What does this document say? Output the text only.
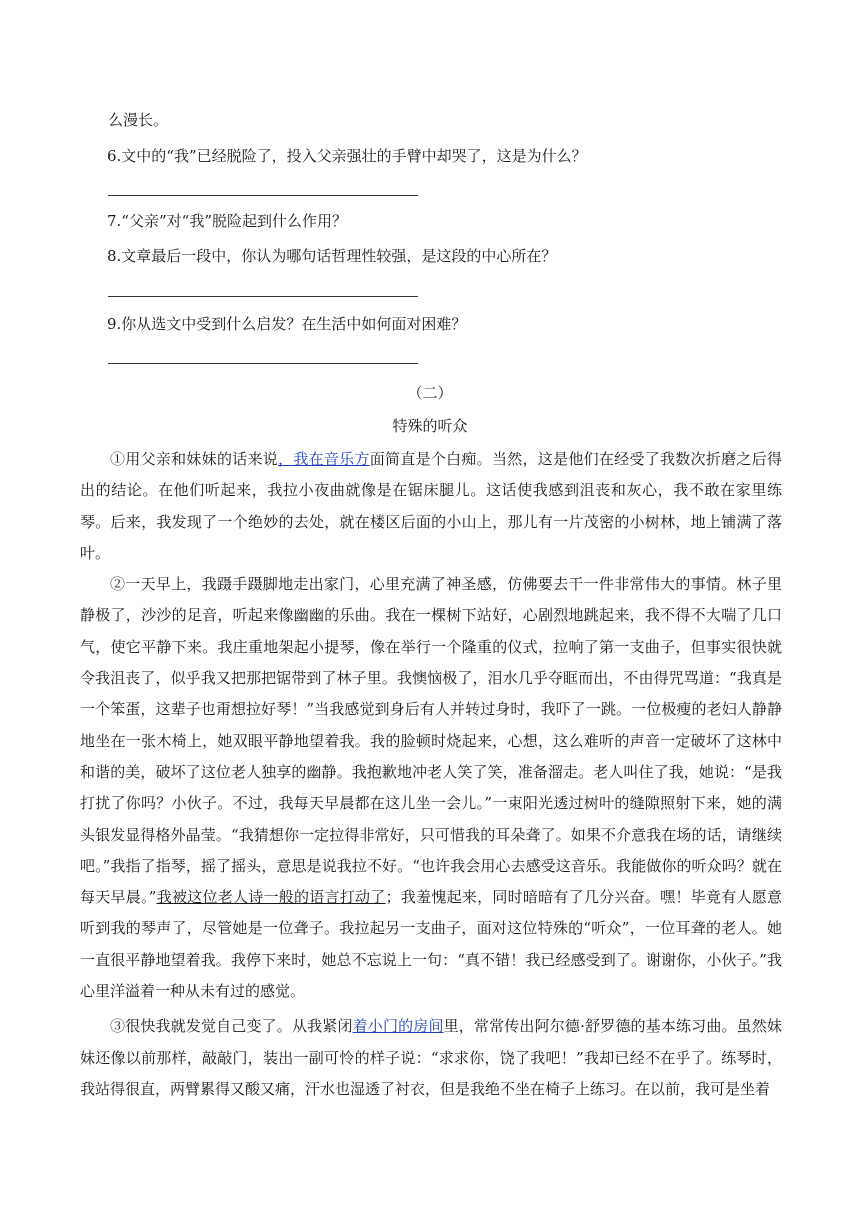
么漫长。
6.文中的“我”已经脱险了，投入父亲强壮的手臂中却哭了，这是为什么？
7.“父亲”对“我”脱险起到什么作用？
8.文章最后一段中，你认为哪句话哲理性较强，是这段的中心所在？
9.你从选文中受到什么启发？在生活中如何面对困难？
（二）
特殊的听众

①用父亲和妹妹的话来说，我在音乐方面简直是个白痴。当然，这是他们在经受了我数次折磨之后得出的结论。在他们听起来，我拉小夜曲就像是在锯床腿儿。这话使我感到沮丧和灰心，我不敢在家里练琴。后来，我发现了一个绝妙的去处，就在楼区后面的小山上，那儿有一片茂密的小树林，地上铺满了落叶。

②一天早上，我蹑手蹑脚地走出家门，心里充满了神圣感，仿佛要去干一件非常伟大的事情。林子里静极了，沙沙的足音，听起来像幽幽的乐曲。我在一棵树下站好，心剧烈地跳起来，我不得不大喘了几口气，使它平静下来。我庄重地架起小提琴，像在举行一个隆重的仪式，拉响了第一支曲子，但事实很快就令我沮丧了，似乎我又把那把锯带到了林子里。我懊恼极了，泪水几乎夺眶而出，不由得咒骂道：“我真是一个笨蛋，这辈子也甭想拉好琴！”当我感觉到身后有人并转过身时，我吓了一跳。一位极瘦的老妇人静静地坐在一张木椅上，她双眼平静地望着我。我的脸顿时烧起来，心想，这么难听的声音一定破坏了这林中和谐的美，破坏了这位老人独享的幽静。我抱歉地冲老人笑了笑，准备溜走。老人叫住了我，她说：“是我打扰了你吗？小伙子。不过，我每天早晨都在这儿坐一会儿。”一束阳光透过树叶的缝隙照射下来，她的满头银发显得格外晶莹。“我猜想你一定拉得非常好，只可惜我的耳朵聋了。如果不介意我在场的话，请继续吧。”我指了指琴，摇了摇头，意思是说我拉不好。“也许我会用心去感受这音乐。我能做你的听众吗？就在每天早晨。”我被这位老人诗一般的语言打动了；我羞愧起来，同时暗暗有了几分兴奋。嘿！毕竟有人愿意听到我的琴声了，尽管她是一位聋子。我拉起另一支曲子，面对这位特殊的“听众”，一位耳聋的老人。她一直很平静地望着我。我停下来时，她总不忘说上一句：“真不错！我已经感受到了。谢谢你，小伙子。”我心里洋溢着一种从未有过的感觉。

③很快我就发觉自己变了。从我紧闭着小门的房间里，常常传出阿尔德·舒罗德的基本练习曲。虽然妹妹还像以前那样，敲敲门，装出一副可怜的样子说：“求求你，饶了我吧！”我却已经不在乎了。练琴时，我站得很直，两臂累得又酸又痛，汗水也湿透了衬衣，但是我绝不坐在椅子上练习。在以前，我可是坐着
